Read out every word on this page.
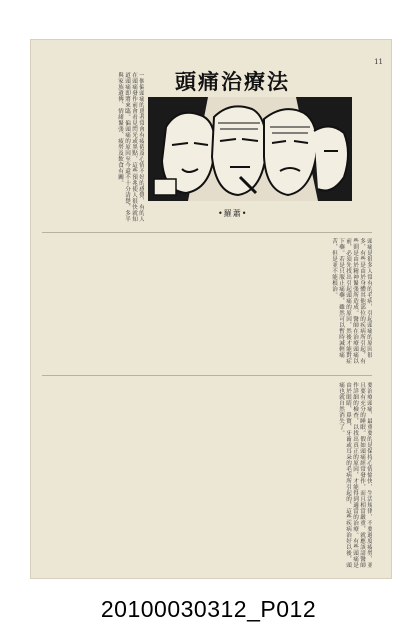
11
頭痛治療法
•羅蕭•
一個偏頭痛的患者常會有疲倦及心情不好的感覺，有的人在頭痛發作前會看見閃光或黑點，這些預兆使人很快就知道頭痛即將來臨。偏頭痛的原因至今還不十分清楚，多半與家族遺傳、情緒緊張、疲勞及飲食有關。
頭痛是很多人常有的毛病，引起頭痛的原因很多，有些是由於身體其他部位的疾病所引起，有些則是由於精神緊張所造成。醫師在治療頭痛以前，必須先找出引起頭痛的原因，然後才能對症下藥。若是只服止痛藥，雖然可以暫時減輕痛苦，但是並不能根治。
要治療頭痛，最重要的是保持心情愉快，生活規律，不要過度疲勞，並且要有充分的睡眠。假如頭痛經常發作，而且相當嚴重，就應該請醫師作詳細的檢查，以找出真正的原因，才能得到適當的治療。有些頭痛是由於眼睛、鼻竇、牙齒或耳朵的毛病所引起的，這些疾病治好以後，頭痛也就自然消失了。
20100030312_P012
